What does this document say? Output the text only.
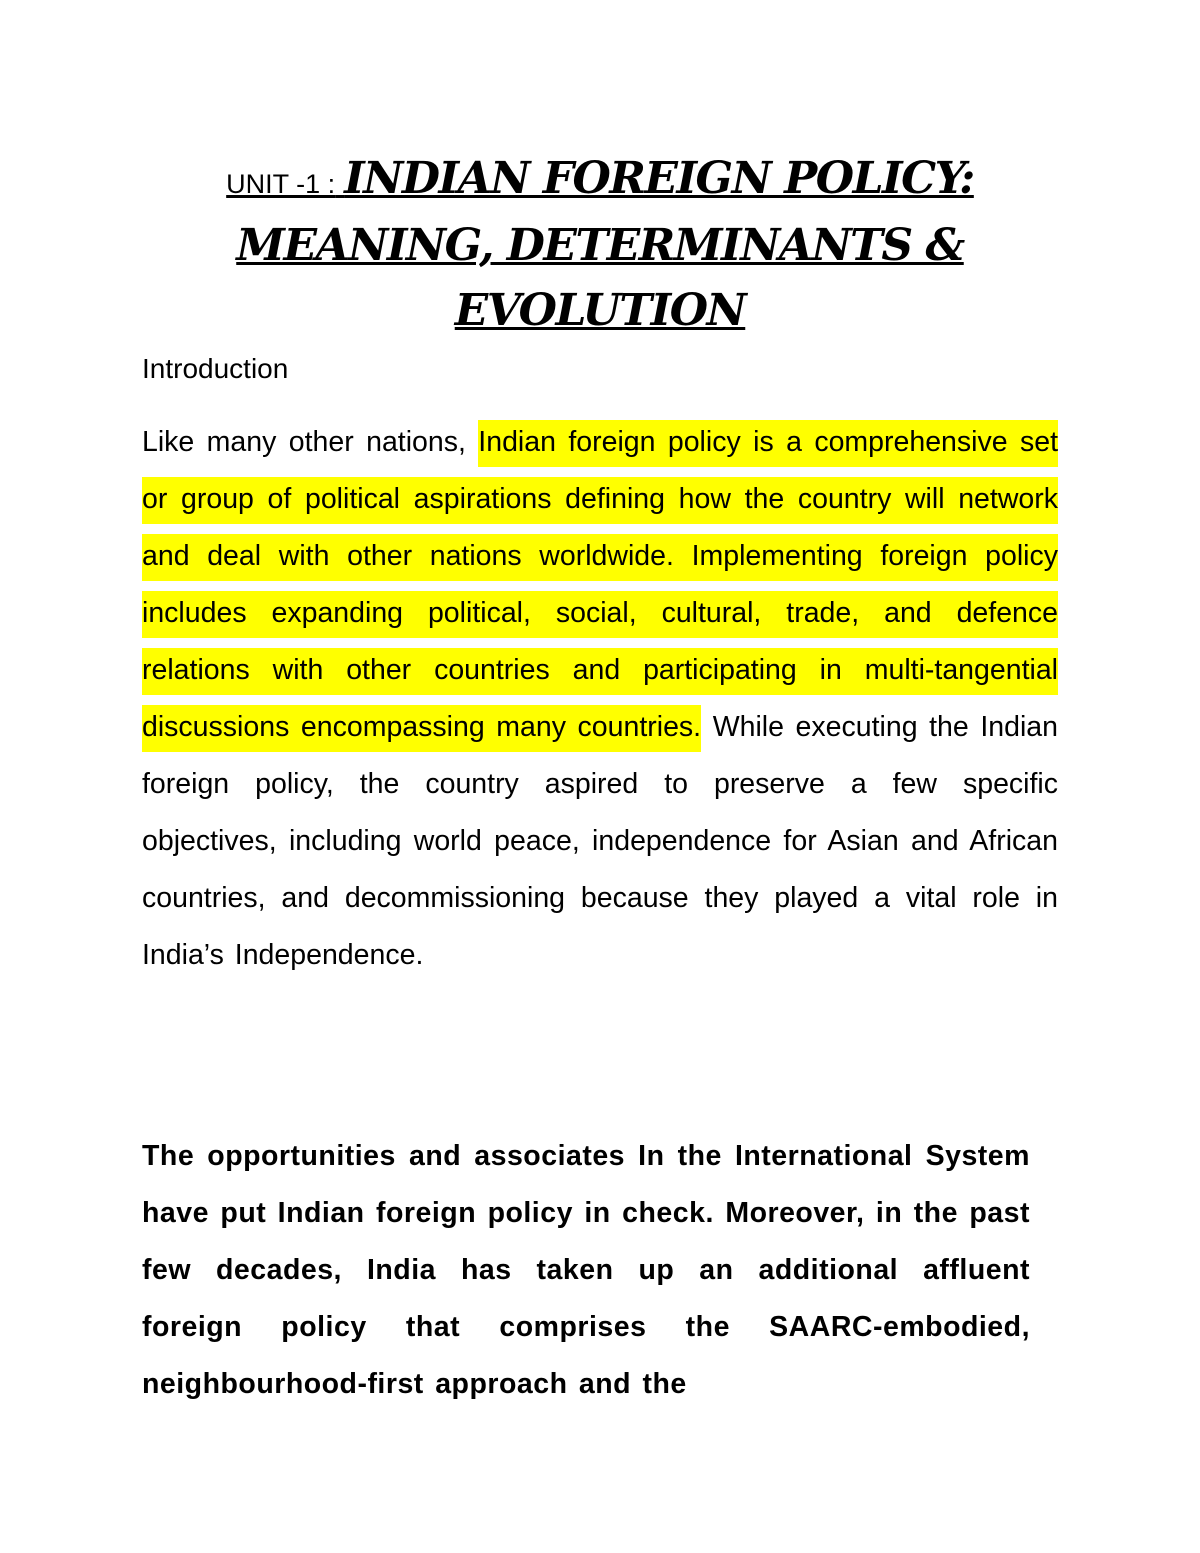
UNIT -1 : INDIAN FOREIGN POLICY:
MEANING, DETERMINANTS &
EVOLUTION
Introduction

Like many other nations, Indian foreign policy is a comprehensive set or group of political aspirations defining how the country will network and deal with other nations worldwide. Implementing foreign policy includes expanding political, social, cultural, trade, and defence relations with other countries and participating in multi-tangential discussions encompassing many countries. While executing the Indian foreign policy, the country aspired to preserve a few specific objectives, including world peace, independence for Asian and African countries, and decommissioning because they played a vital role in India’s Independence.

The opportunities and associates In the International System have put Indian foreign policy in check. Moreover, in the past few decades, India has taken up an additional affluent foreign policy that comprises the SAARC-embodied, neighbourhood-first approach and the
